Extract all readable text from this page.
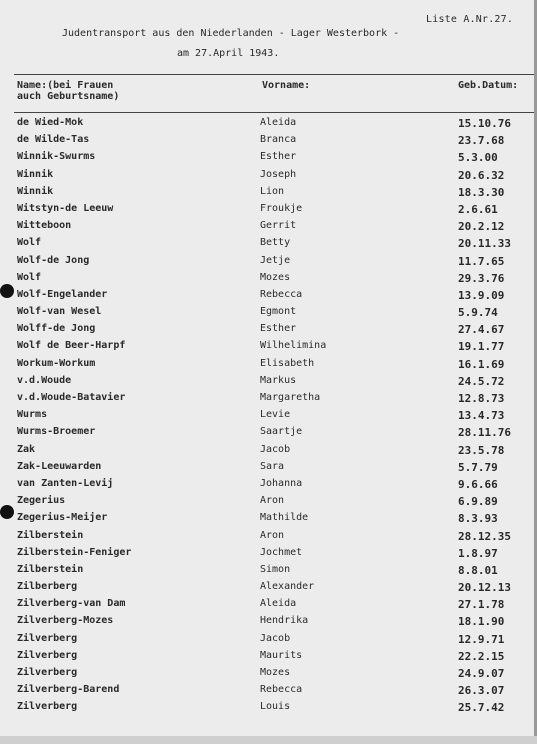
Liste A.Nr.27.
Judentransport aus den Niederlanden - Lager Westerbork -
am 27.April 1943.
Name:(bei Frauen
auch Geburtsname)
Vorname:	Geb.Datum:
de Wied-Mok	Aleida	15.10.76
de Wilde-Tas	Branca	23.7.68
Winnik-Swurms	Esther	5.3.00
Winnik	Joseph	20.6.32
Winnik	Lion	18.3.30
Witstyn-de Leeuw	Froukje	2.6.61
Witteboon	Gerrit	20.2.12
Wolf	Betty	20.11.33
Wolf-de Jong	Jetje	11.7.65
Wolf	Mozes	29.3.76
Wolf-Engelander	Rebecca	13.9.09
Wolf-van Wesel	Egmont	5.9.74
Wolff-de Jong	Esther	27.4.67
Wolf de Beer-Harpf	Wilhelimina	19.1.77
Workum-Workum	Elisabeth	16.1.69
v.d.Woude	Markus	24.5.72
v.d.Woude-Batavier	Margaretha	12.8.73
Wurms	Levie	13.4.73
Wurms-Broemer	Saartje	28.11.76
Zak	Jacob	23.5.78
Zak-Leeuwarden	Sara	5.7.79
van Zanten-Levij	Johanna	9.6.66
Zegerius	Aron	6.9.89
Zegerius-Meijer	Mathilde	8.3.93
Zilberstein	Aron	28.12.35
Zilberstein-Feniger	Jochmet	1.8.97
Zilberstein	Simon	8.8.01
Zilberberg	Alexander	20.12.13
Zilverberg-van Dam	Aleida	27.1.78
Zilverberg-Mozes	Hendrika	18.1.90
Zilverberg	Jacob	12.9.71
Zilverberg	Maurits	22.2.15
Zilverberg	Mozes	24.9.07
Zilverberg-Barend	Rebecca	26.3.07
Zilverberg	Louis	25.7.42
